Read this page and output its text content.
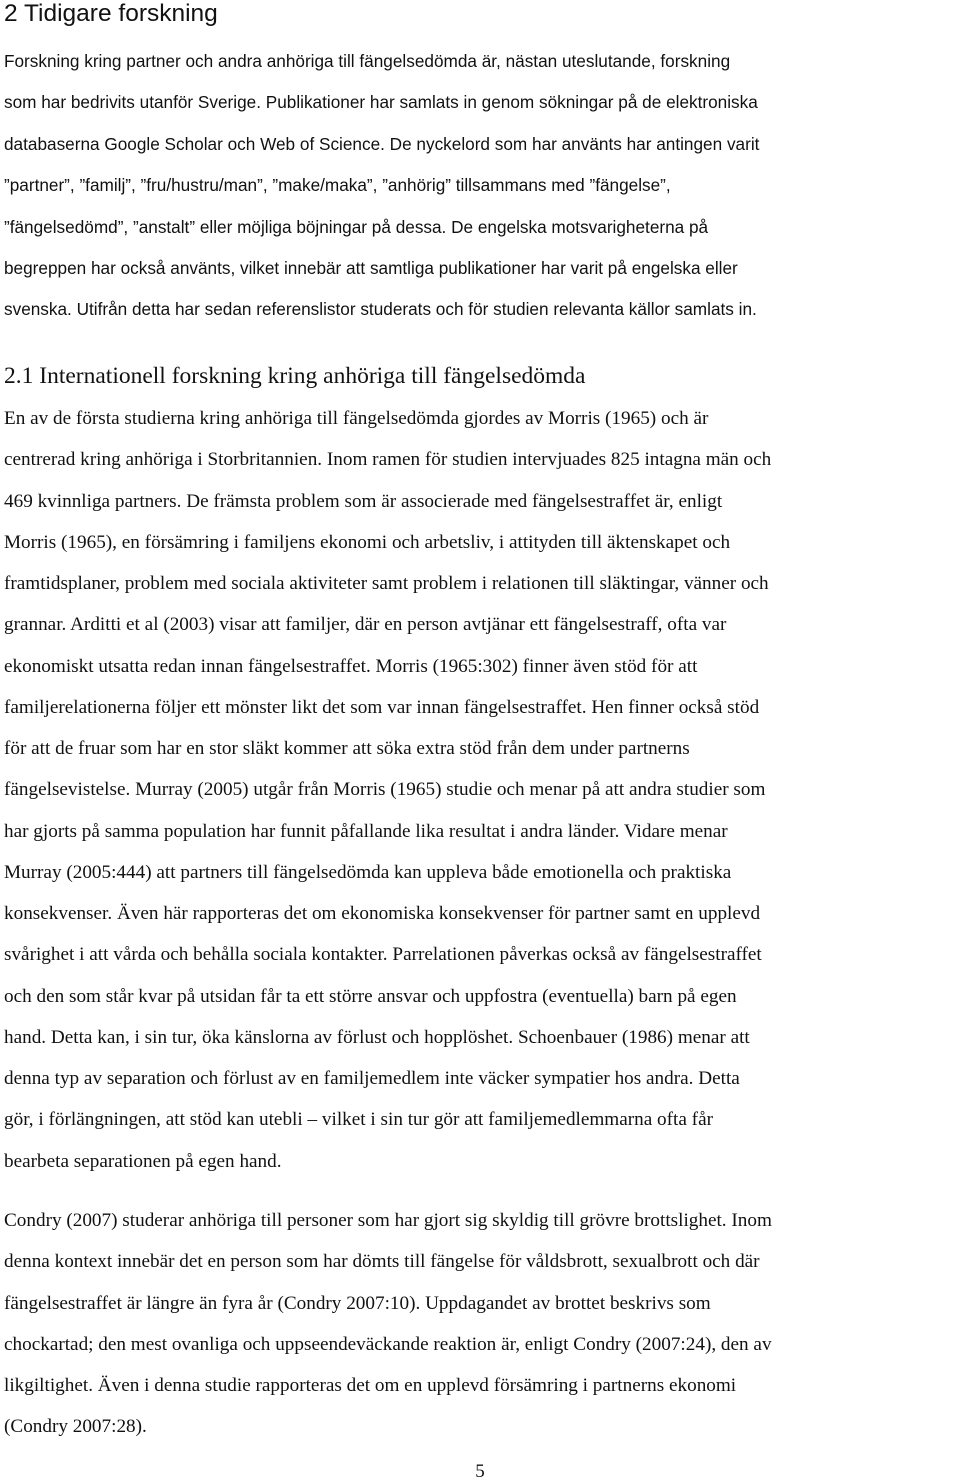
2 Tidigare forskning
Forskning kring partner och andra anhöriga till fängelsedömda är, nästan uteslutande, forskning
som har bedrivits utanför Sverige. Publikationer har samlats in genom sökningar på de elektroniska
databaserna Google Scholar och Web of Science. De nyckelord som har använts har antingen varit
”partner”, ”familj”, ”fru/hustru/man”, ”make/maka”, ”anhörig” tillsammans med ”fängelse”,
”fängelsedömd”, ”anstalt” eller möjliga böjningar på dessa. De engelska motsvarigheterna på
begreppen har också använts, vilket innebär att samtliga publikationer har varit på engelska eller
svenska. Utifrån detta har sedan referenslistor studerats och för studien relevanta källor samlats in.
2.1 Internationell forskning kring anhöriga till fängelsedömda
En av de första studierna kring anhöriga till fängelsedömda gjordes av Morris (1965) och är
centrerad kring anhöriga i Storbritannien. Inom ramen för studien intervjuades 825 intagna män och
469 kvinnliga partners. De främsta problem som är associerade med fängelsestraffet är, enligt
Morris (1965), en försämring i familjens ekonomi och arbetsliv, i attityden till äktenskapet och
framtidsplaner, problem med sociala aktiviteter samt problem i relationen till släktingar, vänner och
grannar. Arditti et al (2003) visar att familjer, där en person avtjänar ett fängelsestraff, ofta var
ekonomiskt utsatta redan innan fängelsestraffet. Morris (1965:302) finner även stöd för att
familjerelationerna följer ett mönster likt det som var innan fängelsestraffet. Hen finner också stöd
för att de fruar som har en stor släkt kommer att söka extra stöd från dem under partnerns
fängelsevistelse. Murray (2005) utgår från Morris (1965) studie och menar på att andra studier som
har gjorts på samma population har funnit påfallande lika resultat i andra länder. Vidare menar
Murray (2005:444) att partners till fängelsedömda kan uppleva både emotionella och praktiska
konsekvenser. Även här rapporteras det om ekonomiska konsekvenser för partner samt en upplevd
svårighet i att vårda och behålla sociala kontakter. Parrelationen påverkas också av fängelsestraffet
och den som står kvar på utsidan får ta ett större ansvar och uppfostra (eventuella) barn på egen
hand. Detta kan, i sin tur, öka känslorna av förlust och hopplöshet. Schoenbauer (1986) menar att
denna typ av separation och förlust av en familjemedlem inte väcker sympatier hos andra. Detta
gör, i förlängningen, att stöd kan utebli – vilket i sin tur gör att familjemedlemmarna ofta får
bearbeta separationen på egen hand.
Condry (2007) studerar anhöriga till personer som har gjort sig skyldig till grövre brottslighet. Inom
denna kontext innebär det en person som har dömts till fängelse för våldsbrott, sexualbrott och där
fängelsestraffet är längre än fyra år (Condry 2007:10). Uppdagandet av brottet beskrivs som
chockartad; den mest ovanliga och uppseendeväckande reaktion är, enligt Condry (2007:24), den av
likgiltighet. Även i denna studie rapporteras det om en upplevd försämring i partnerns ekonomi
(Condry 2007:28).
5
